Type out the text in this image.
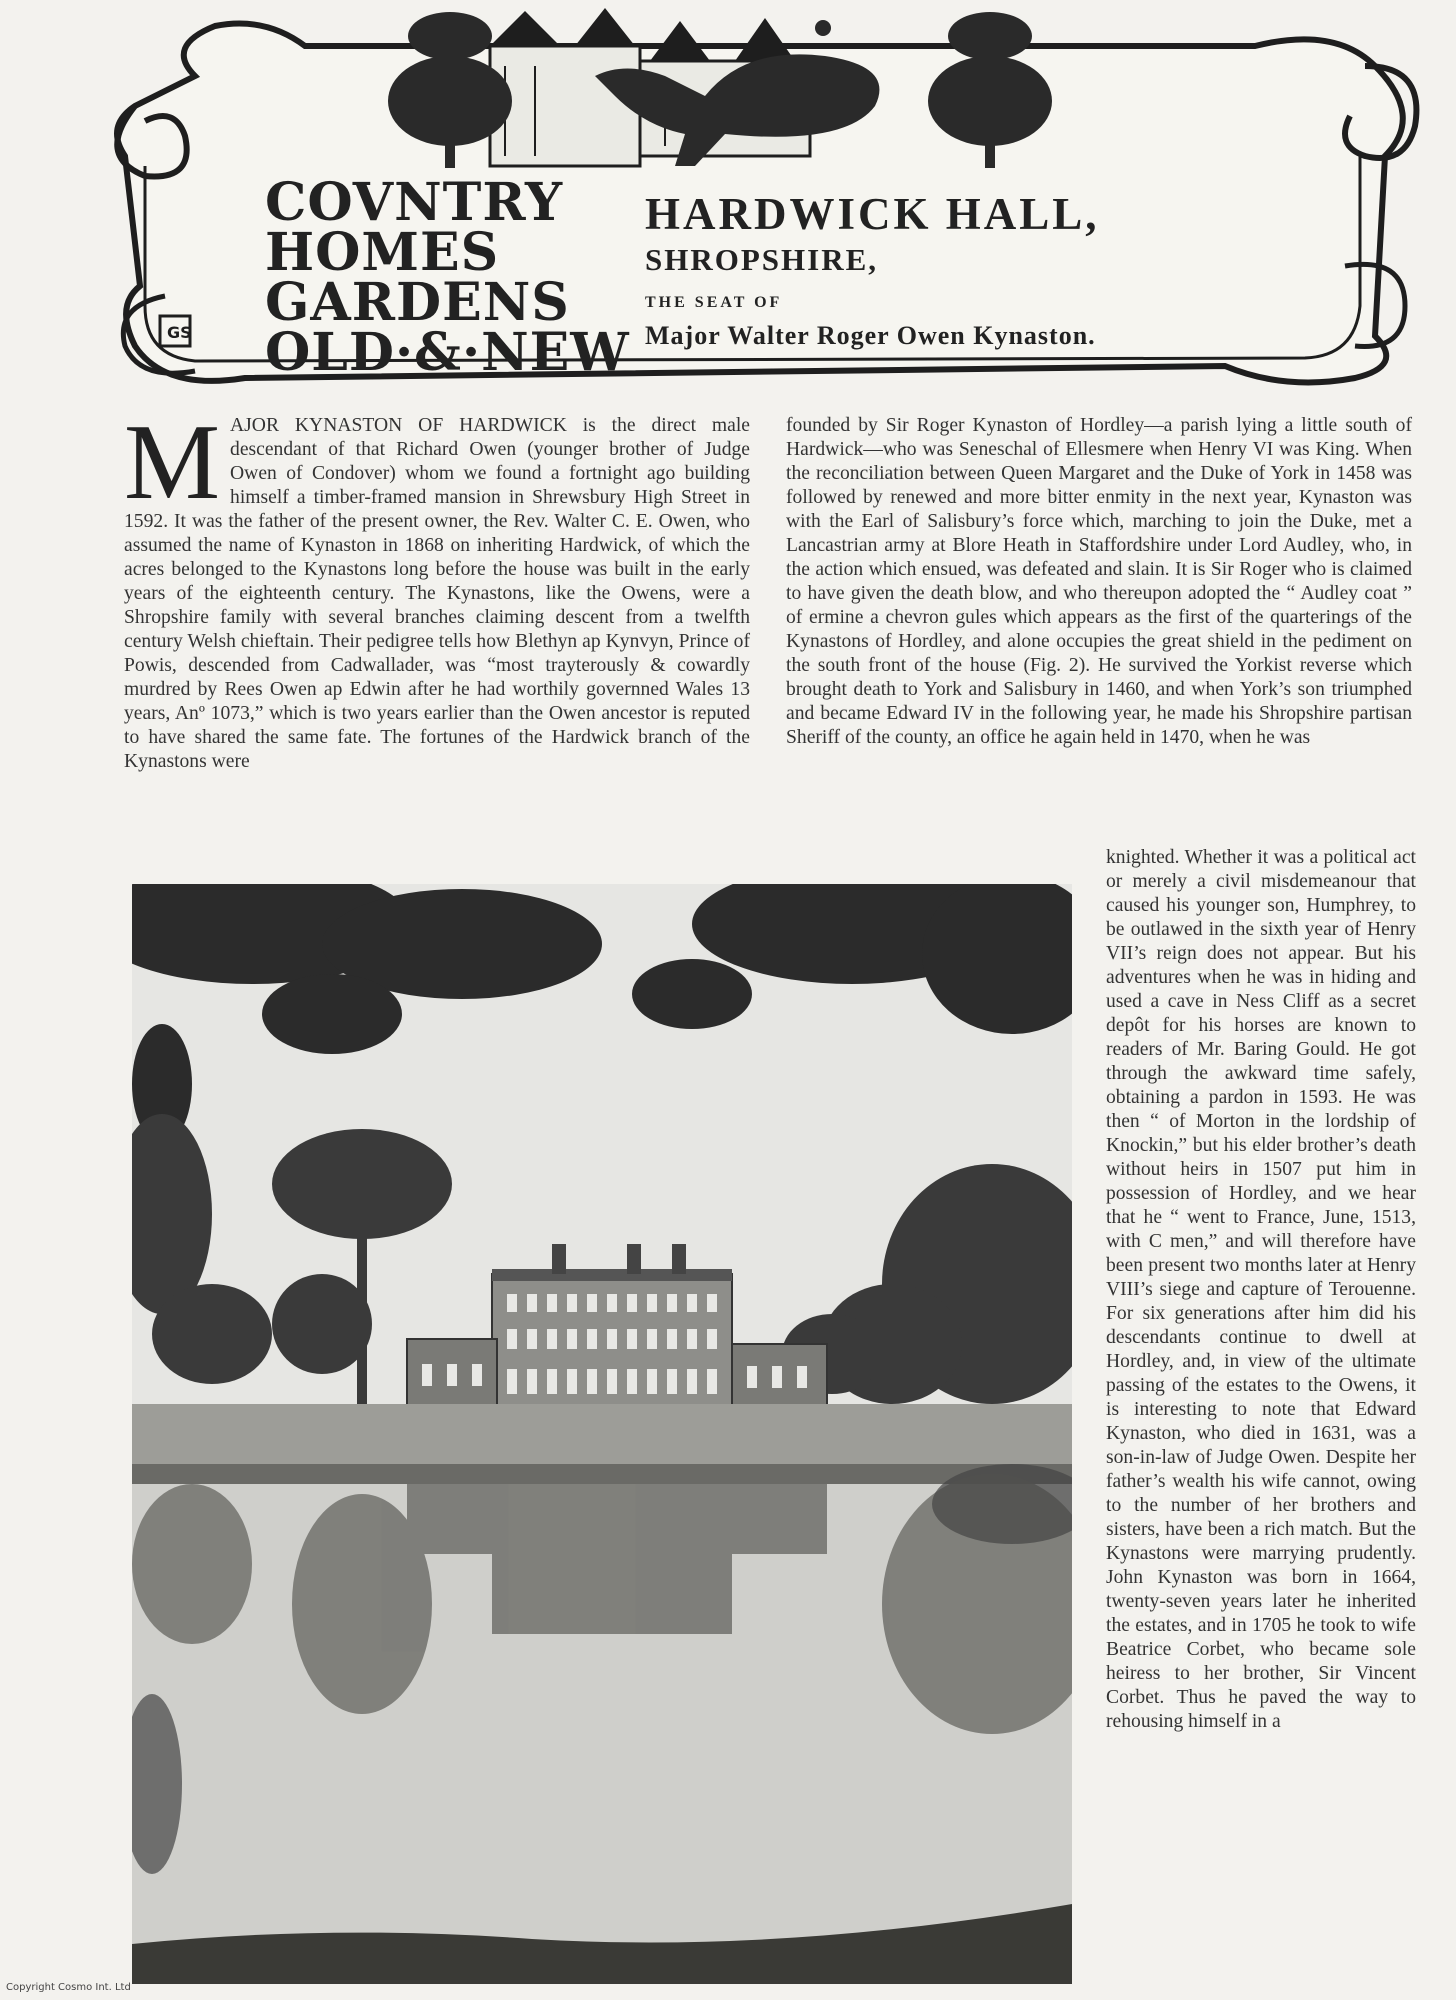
GS
COVNTRY
HOMES
GARDENS
OLD·&·NEW
HARDWICK HALL,
SHROPSHIRE,

THE SEAT OF

Major Walter Roger Owen Kynaston.

MAJOR KYNASTON OF HARDWICK is the direct male descendant of that Richard Owen (younger brother of Judge Owen of Condover) whom we found a fortnight ago building himself a timber-framed mansion in Shrewsbury High Street in 1592. It was the father of the present owner, the Rev. Walter C. E. Owen, who assumed the name of Kynaston in 1868 on inheriting Hardwick, of which the acres belonged to the Kynastons long before the house was built in the early years of the eighteenth century. The Kynastons, like the Owens, were a Shropshire family with several branches claiming descent from a twelfth century Welsh chieftain. Their pedigree tells how Blethyn ap Kynvyn, Prince of Powis, descended from Cadwallader, was “most trayterously & cowardly murdred by Rees Owen ap Edwin after he had worthily governned Wales 13 years, Anº 1073,” which is two years earlier than the Owen ancestor is reputed to have shared the same fate. The fortunes of the Hardwick branch of the Kynastons were

founded by Sir Roger Kynaston of Hordley—a parish lying a little south of Hardwick—who was Seneschal of Ellesmere when Henry VI was King. When the reconciliation between Queen Margaret and the Duke of York in 1458 was followed by renewed and more bitter enmity in the next year, Kynaston was with the Earl of Salisbury’s force which, marching to join the Duke, met a Lancastrian army at Blore Heath in Staffordshire under Lord Audley, who, in the action which ensued, was defeated and slain. It is Sir Roger who is claimed to have given the death blow, and who thereupon adopted the “ Audley coat ” of ermine a chevron gules which appears as the first of the quarterings of the Kynastons of Hordley, and alone occupies the great shield in the pediment on the south front of the house (Fig. 2). He survived the Yorkist reverse which brought death to York and Salisbury in 1460, and when York’s son triumphed and became Edward IV in the following year, he made his Shropshire partisan Sheriff of the county, an office he again held in 1470, when he was

knighted. Whether it was a political act or merely a civil misdemeanour that caused his younger son, Humphrey, to be outlawed in the sixth year of Henry VII’s reign does not appear. But his adventures when he was in hiding and used a cave in Ness Cliff as a secret depôt for his horses are known to readers of Mr. Baring Gould. He got through the awkward time safely, obtaining a pardon in 1593. He was then “ of Morton in the lordship of Knockin,” but his elder brother’s death without heirs in 1507 put him in possession of Hordley, and we hear that he “ went to France, June, 1513, with C men,” and will therefore have been present two months later at Henry VIII’s siege and capture of Terouenne. For six generations after him did his descendants continue to dwell at Hordley, and, in view of the ultimate passing of the estates to the Owens, it is interesting to note that Edward Kynaston, who died in 1631, was a son-in-law of Judge Owen. Despite her father’s wealth his wife cannot, owing to the number of her brothers and sisters, have been a rich match. But the Kynastons were marrying prudently. John Kynaston was born in 1664, twenty-seven years later he inherited the estates, and in 1705 he took to wife Beatrice Corbet, who became sole heiress to her brother, Sir Vincent Corbet. Thus he paved the way to rehousing himself in a

Copyright Cosmo Int. Ltd
